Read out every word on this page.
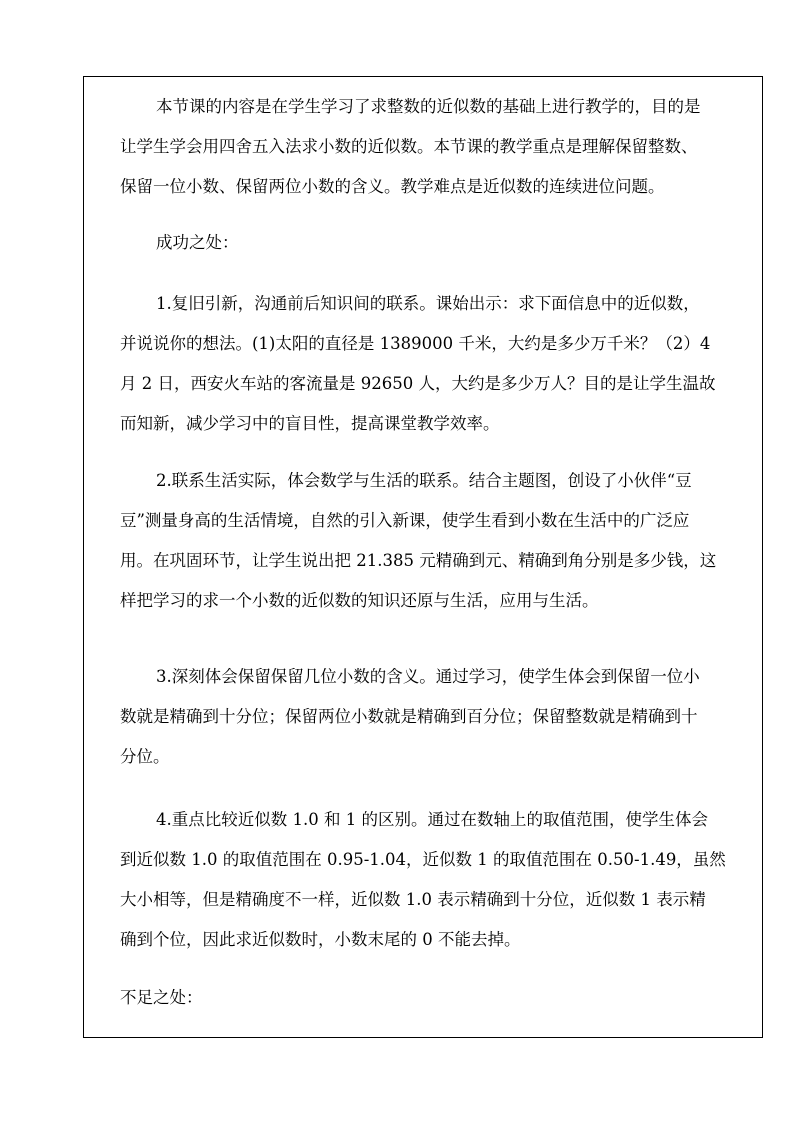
本节课的内容是在学生学习了求整数的近似数的基础上进行教学的，目的是
让学生学会用四舍五入法求小数的近似数。本节课的教学重点是理解保留整数、
保留一位小数、保留两位小数的含义。教学难点是近似数的连续进位问题。

成功之处：

1.复旧引新，沟通前后知识间的联系。课始出示：求下面信息中的近似数，
并说说你的想法。(1)太阳的直径是 1389000 千米，大约是多少万千米？（2）4
月 2 日，西安火车站的客流量是 92650 人，大约是多少万人？目的是让学生温故
而知新，减少学习中的盲目性，提高课堂教学效率。

2.联系生活实际，体会数学与生活的联系。结合主题图，创设了小伙伴“豆
豆”测量身高的生活情境，自然的引入新课，使学生看到小数在生活中的广泛应
用。在巩固环节，让学生说出把 21.385 元精确到元、精确到角分别是多少钱，这
样把学习的求一个小数的近似数的知识还原与生活，应用与生活。

3.深刻体会保留保留几位小数的含义。通过学习，使学生体会到保留一位小
数就是精确到十分位；保留两位小数就是精确到百分位；保留整数就是精确到十
分位。

4.重点比较近似数 1.0 和 1 的区别。通过在数轴上的取值范围，使学生体会
到近似数 1.0 的取值范围在 0.95-1.04，近似数 1 的取值范围在 0.50-1.49，虽然
大小相等，但是精确度不一样，近似数 1.0 表示精确到十分位，近似数 1 表示精
确到个位，因此求近似数时，小数末尾的 0 不能去掉。

不足之处：
